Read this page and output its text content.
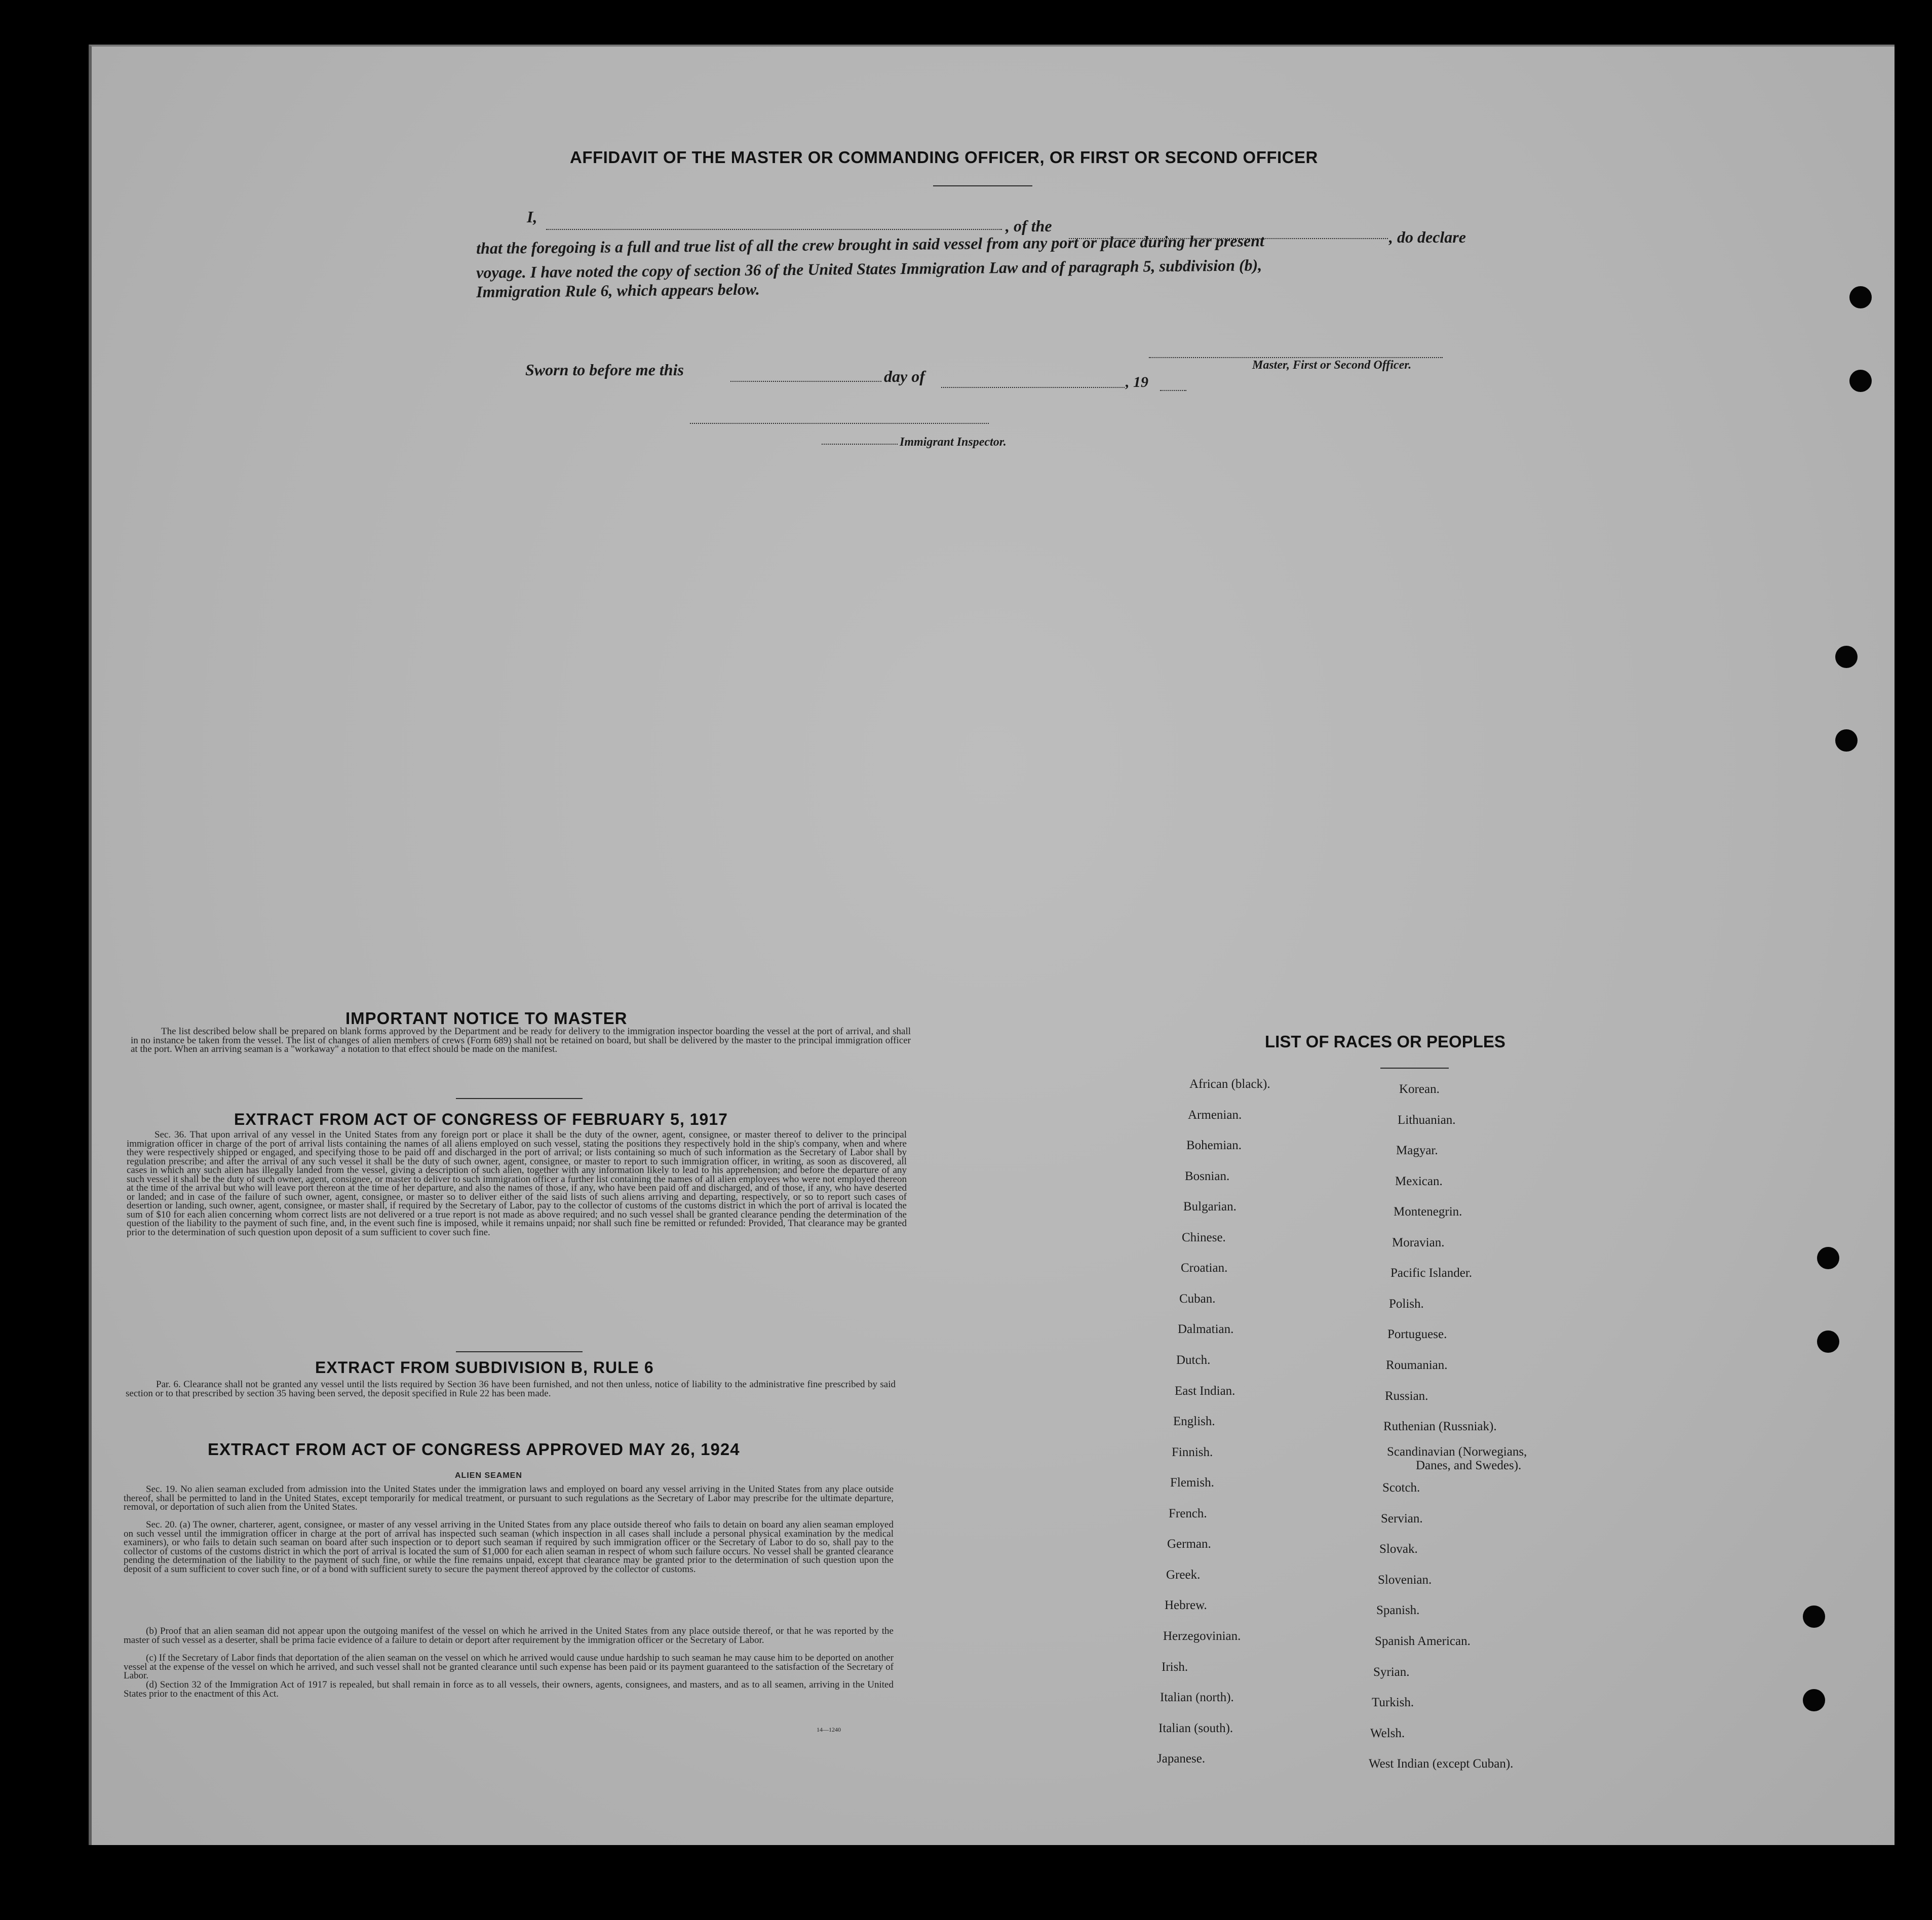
AFFIDAVIT OF THE MASTER OR COMMANDING OFFICER, OR FIRST OR SECOND OFFICER
I,	, of the
, do declare
that the foregoing is a full and true list of all the crew brought in said vessel from any port or place during her present
voyage. I have noted the copy of section 36 of the United States Immigration Law and of paragraph 5, subdivision (b),
Immigration Rule 6, which appears below.
Master, First or Second Officer.
Sworn to before me this	day of	, 19
Immigrant Inspector.
IMPORTANT NOTICE TO MASTER
The list described below shall be prepared on blank forms approved by the Department and be ready for delivery to the immigration inspector boarding the vessel at the port of arrival, and shall in no instance be taken from the vessel. The list of changes of alien members of crews (Form 689) shall not be retained on board, but shall be delivered by the master to the principal immigration officer at the port. When an arriving seaman is a "workaway" a notation to that effect should be made on the manifest.
EXTRACT FROM ACT OF CONGRESS OF FEBRUARY 5, 1917
Sec. 36. That upon arrival of any vessel in the United States from any foreign port or place it shall be the duty of the owner, agent, consignee, or master thereof to deliver to the principal immigration officer in charge of the port of arrival lists containing the names of all aliens employed on such vessel, stating the positions they respectively hold in the ship's company, when and where they were respectively shipped or engaged, and specifying those to be paid off and discharged in the port of arrival; or lists containing so much of such information as the Secretary of Labor shall by regulation prescribe; and after the arrival of any such vessel it shall be the duty of such owner, agent, consignee, or master to report to such immigration officer, in writing, as soon as discovered, all cases in which any such alien has illegally landed from the vessel, giving a description of such alien, together with any information likely to lead to his apprehension; and before the departure of any such vessel it shall be the duty of such owner, agent, consignee, or master to deliver to such immigration officer a further list containing the names of all alien employees who were not employed thereon at the time of the arrival but who will leave port thereon at the time of her departure, and also the names of those, if any, who have been paid off and discharged, and of those, if any, who have deserted or landed; and in case of the failure of such owner, agent, consignee, or master so to deliver either of the said lists of such aliens arriving and departing, respectively, or so to report such cases of desertion or landing, such owner, agent, consignee, or master shall, if required by the Secretary of Labor, pay to the collector of customs of the customs district in which the port of arrival is located the sum of $10 for each alien concerning whom correct lists are not delivered or a true report is not made as above required; and no such vessel shall be granted clearance pending the determination of the question of the liability to the payment of such fine, and, in the event such fine is imposed, while it remains unpaid; nor shall such fine be remitted or refunded: Provided, That clearance may be granted prior to the determination of such question upon deposit of a sum sufficient to cover such fine.
EXTRACT FROM SUBDIVISION B, RULE 6
Par. 6. Clearance shall not be granted any vessel until the lists required by Section 36 have been furnished, and not then unless, notice of liability to the administrative fine prescribed by said section or to that prescribed by section 35 having been served, the deposit specified in Rule 22 has been made.
EXTRACT FROM ACT OF CONGRESS APPROVED MAY 26, 1924
ALIEN SEAMEN
Sec. 19. No alien seaman excluded from admission into the United States under the immigration laws and employed on board any vessel arriving in the United States from any place outside thereof, shall be permitted to land in the United States, except temporarily for medical treatment, or pursuant to such regulations as the Secretary of Labor may prescribe for the ultimate departure, removal, or deportation of such alien from the United States.
Sec. 20. (a) The owner, charterer, agent, consignee, or master of any vessel arriving in the United States from any place outside thereof who fails to detain on board any alien seaman employed on such vessel until the immigration officer in charge at the port of arrival has inspected such seaman (which inspection in all cases shall include a personal physical examination by the medical examiners), or who fails to detain such seaman on board after such inspection or to deport such seaman if required by such immigration officer or the Secretary of Labor to do so, shall pay to the collector of customs of the customs district in which the port of arrival is located the sum of $1,000 for each alien seaman in respect of whom such failure occurs. No vessel shall be granted clearance pending the determination of the liability to the payment of such fine, or while the fine remains unpaid, except that clearance may be granted prior to the determination of such question upon the deposit of a sum sufficient to cover such fine, or of a bond with sufficient surety to secure the payment thereof approved by the collector of customs.
(b) Proof that an alien seaman did not appear upon the outgoing manifest of the vessel on which he arrived in the United States from any place outside thereof, or that he was reported by the master of such vessel as a deserter, shall be prima facie evidence of a failure to detain or deport after requirement by the immigration officer or the Secretary of Labor.
(c) If the Secretary of Labor finds that deportation of the alien seaman on the vessel on which he arrived would cause undue hardship to such seaman he may cause him to be deported on another vessel at the expense of the vessel on which he arrived, and such vessel shall not be granted clearance until such expense has been paid or its payment guaranteed to the satisfaction of the Secretary of Labor.
(d) Section 32 of the Immigration Act of 1917 is repealed, but shall remain in force as to all vessels, their owners, agents, consignees, and masters, and as to all seamen, arriving in the United States prior to the enactment of this Act.
14—1240
LIST OF RACES OR PEOPLES
African (black).
Armenian.
Bohemian.
Bosnian.
Bulgarian.
Chinese.
Croatian.
Cuban.
Dalmatian.
Dutch.
East Indian.
English.
Finnish.
Flemish.
French.
German.
Greek.
Hebrew.
Herzegovinian.
Irish.
Italian (north).
Italian (south).
Japanese.
Korean.
Lithuanian.
Magyar.
Mexican.
Montenegrin.
Moravian.
Pacific Islander.
Polish.
Portuguese.
Roumanian.
Russian.
Ruthenian (Russniak).
Scandinavian (Norwegians,
Danes, and Swedes).
Scotch.
Servian.
Slovak.
Slovenian.
Spanish.
Spanish American.
Syrian.
Turkish.
Welsh.
West Indian (except Cuban).
